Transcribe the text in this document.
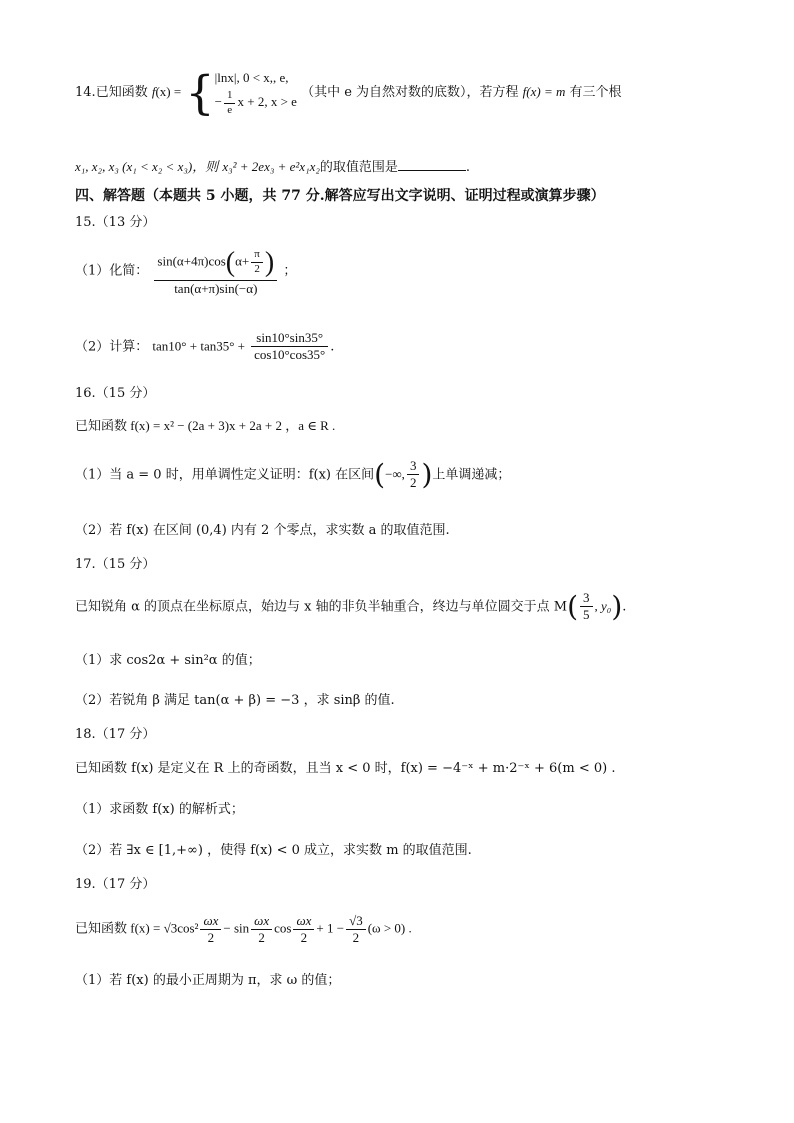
14.已知函数 f(x) = { |lnx|, 0 < x,, e,
− $\frac{1}{e}$ x + 2, x > e
（其中 e 为自然对数的底数），若方程 f(x) = m 有三个根
x₁, x₂, x₃ (x₁ < x₂ < x₃)，则 x₃² + 2ex₃ + e²x₁x₂的取值范围是	.
四、解答题（本题共 5 小题，共 77 分.解答应写出文字说明、证明过程或演算步骤）
15.（13 分）
（1）化简： $\frac{\sin(\alpha+4\pi)\cos(\alpha+ \frac{\pi}{2} )}{\tan(\alpha+\pi)\sin(-\alpha)}$ ；
（2）计算： $\tan 10^\circ + \tan 35^\circ + \frac{\sin 10^\circ\sin 35^\circ}{\cos 10^\circ\cos 35^\circ}$ .
16.（15 分）
已知函数 f(x) = x² − (2a + 3)x + 2a + 2 ，a ∈ R .
（1）当 a = 0 时，用单调性定义证明：f(x) 在区间(−∞, $\frac{3}{2}$ )上单调递减；
（2）若 f(x) 在区间 (0,4) 内有 2 个零点，求实数 a 的取值范围.
17.（15 分）
已知锐角 α 的顶点在坐标原点，始边与 x 轴的非负半轴重合，终边与单位圆交于点 $M( \frac{3}{5}$ , y₀).
（1）求 cos2α + sin²α 的值；
（2）若锐角 β 满足 tan(α + β) = −3 ，求 sinβ 的值.
18.（17 分）
已知函数 f(x) 是定义在 R 上的奇函数，且当 x < 0 时，f(x) = −4⁻ˣ + m·2⁻ˣ + 6(m < 0) .
（1）求函数 f(x) 的解析式；
（2）若 ∃x ∈ [1,+∞) ，使得 f(x) < 0 成立，求实数 m 的取值范围.
19.（17 分）
已知函数 $f(x) = √3\cos^2 \frac{\omega x}{2} - \sin \frac{\omega x}{2}$ $\cos \frac{\omega x}{2} + 1 - \frac{√3}{2} (\omega > 0)$ .
（1）若 f(x) 的最小正周期为 π，求 ω 的值；
